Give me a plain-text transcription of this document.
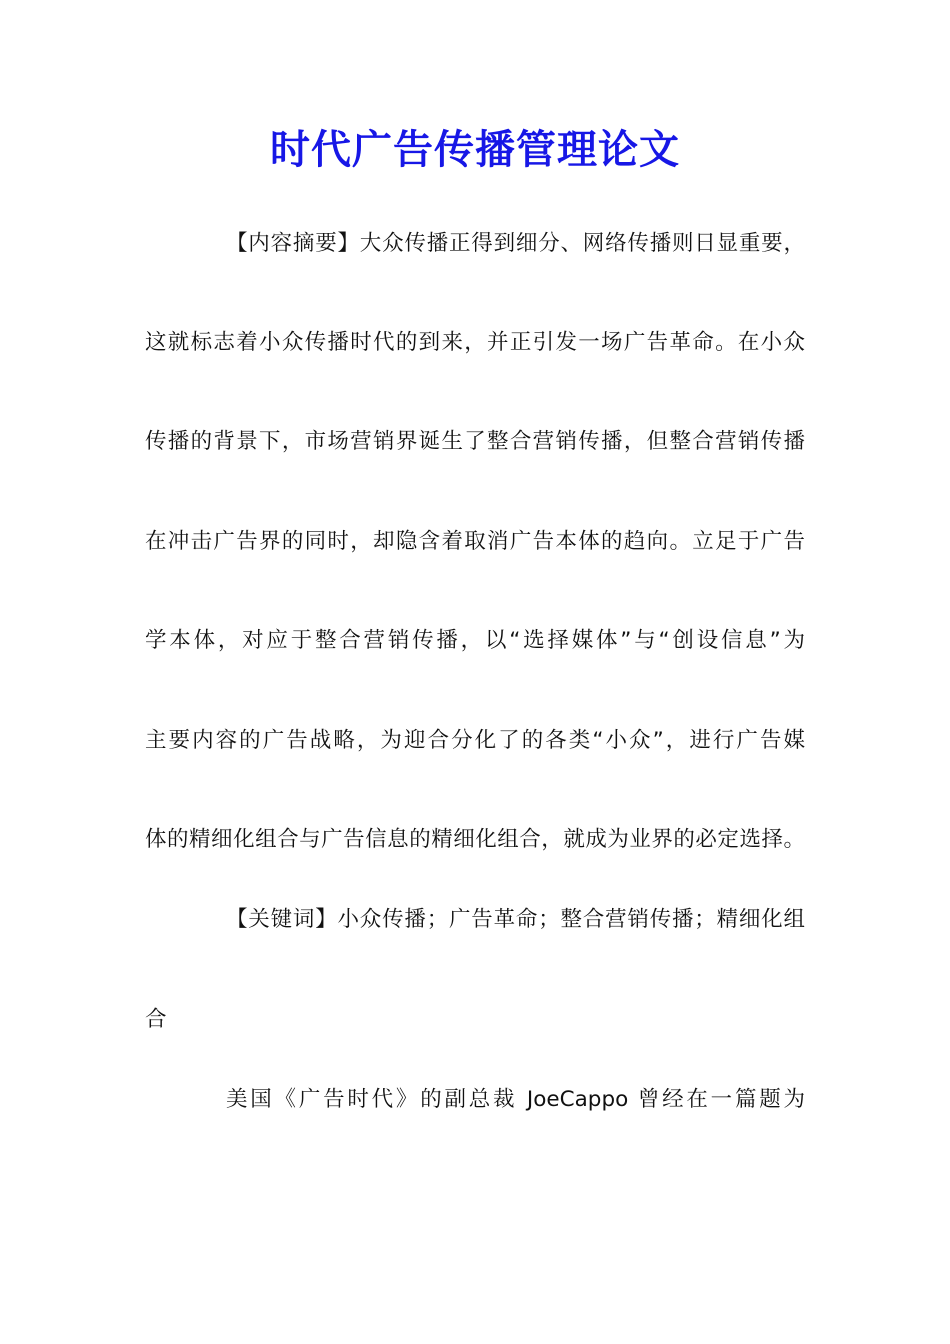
时代广告传播管理论文
【内容摘要】大众传播正得到细分、网络传播则日显重要，
这就标志着小众传播时代的到来，并正引发一场广告革命。在小众
传播的背景下，市场营销界诞生了整合营销传播，但整合营销传播
在冲击广告界的同时，却隐含着取消广告本体的趋向。立足于广告
学本体，对应于整合营销传播，以“选择媒体”与“创设信息”为
主要内容的广告战略，为迎合分化了的各类“小众”，进行广告媒
体的精细化组合与广告信息的精细化组合，就成为业界的必定选择。
【关键词】小众传播；广告革命；整合营销传播；精细化组
合
美国《广告时代》的副总裁 JoeCappo 曾经在一篇题为
